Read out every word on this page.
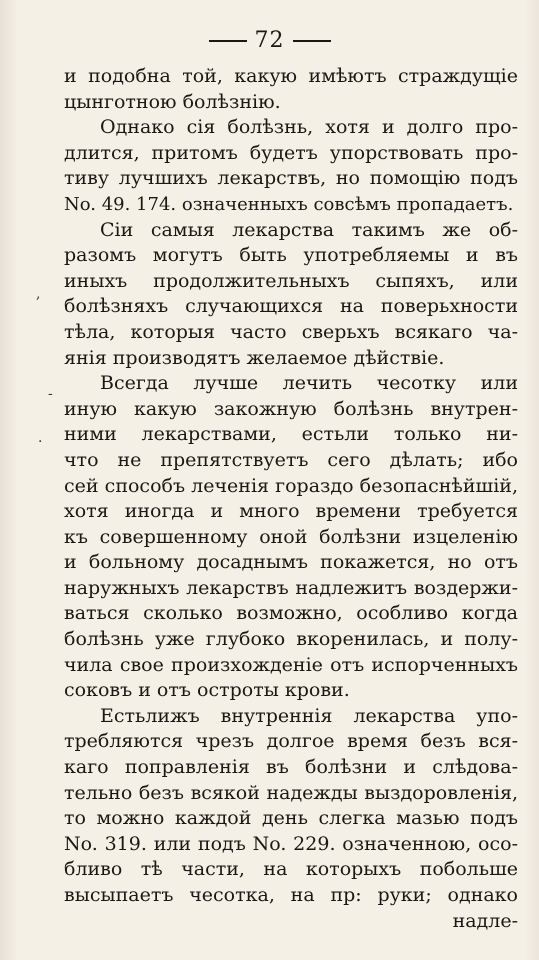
72
,
-
·
и подобна той, какую имѣютъ страждущіе
цынготною болѣзнію.
Однако сія болѣзнь, хотя и долго про-
длится, притомъ будетъ упорствовать про-
тиву лучшихъ лекарствъ, но помощію подъ
No. 49. 174. означенныхъ совсѣмъ пропадаетъ.
Сіи самыя лекарства такимъ же об-
разомъ могутъ быть употребляемы и въ
иныхъ продолжительныхъ сыпяхъ, или
болѣзняхъ случающихся на поверьхности
тѣла, которыя часто сверьхъ всякаго ча-
янія производятъ желаемое дѣйствіе.
Всегда лучше лечить чесотку или
иную какую закожную болѣзнь внутрен-
ними лекарствами, естьли только ни-
что не препятствуетъ сего дѣлать; ибо
сей способъ леченія гораздо безопаснѣйшій,
хотя иногда и много времени требуется
къ совершенному оной болѣзни изцеленію
и больному досаднымъ покажется, но отъ
наружныхъ лекарствъ надлежитъ воздержи-
ваться сколько возможно, особливо когда
болѣзнь уже глубоко вкоренилась, и полу-
чила свое произхожденіе отъ испорченныхъ
соковъ и отъ остроты крови.
Естьлижъ внутреннія лекарства упо-
требляются чрезъ долгое время безъ вся-
каго поправленія въ болѣзни и слѣдова-
тельно безъ всякой надежды выздоровленія,
то можно каждой день слегка мазью подъ
No. 319. или подъ No. 229. означенною, осо-
бливо тѣ части, на которыхъ побольше
высыпаетъ чесотка, на пр: руки; однако
надле-
